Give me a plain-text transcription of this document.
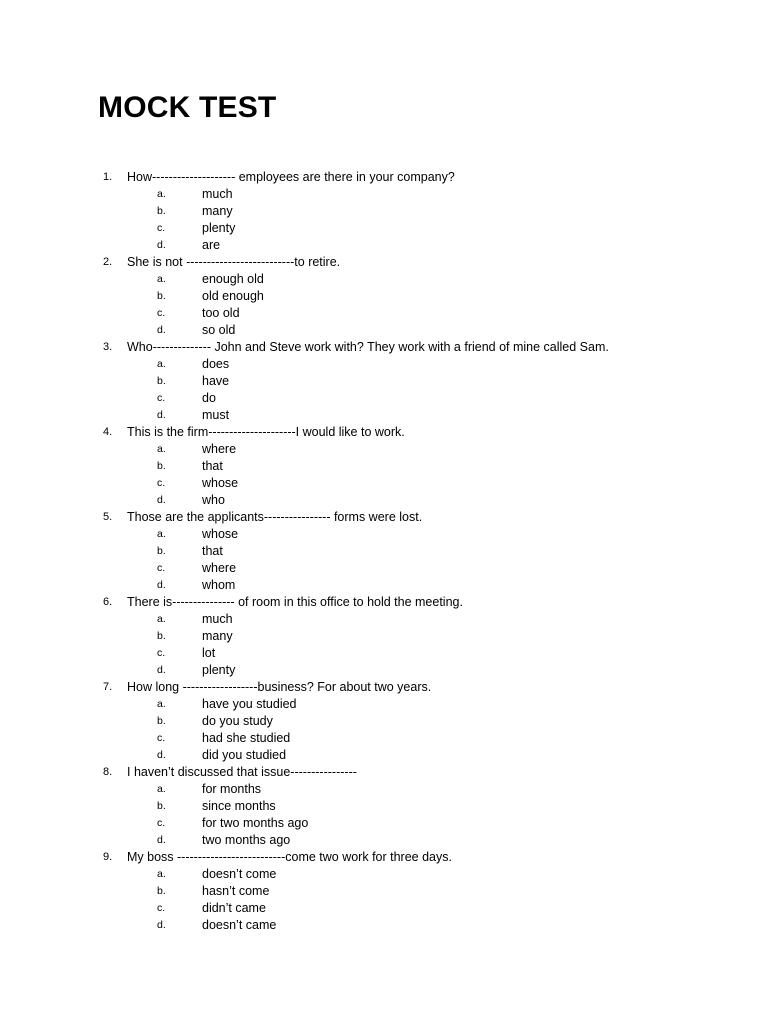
MOCK TEST
1. How-------------------- employees are there in your company?
a.	much
b.	many
c.	plenty
d.	are
2. She is not --------------------------to retire.
a.	enough old
b.	old enough
c.	too old
d.	so old
3. Who-------------- John and Steve work with? They work with a friend of mine called Sam.
a.	does
b.	have
c.	do
d.	must
4. This is the firm---------------------I would like to work.
a.	where
b.	that
c.	whose
d.	who
5. Those are the applicants---------------- forms were lost.
a.	whose
b.	that
c.	where
d.	whom
6. There is--------------- of room in this office to hold the meeting.
a.	much
b.	many
c.	lot
d.	plenty
7. How long ------------------business? For about two years.
a.	have you studied
b.	do you study
c.	had she studied
d.	did you studied
8. I haven’t discussed that issue----------------
a.	for months
b.	since months
c.	for two months ago
d.	two months ago
9. My boss --------------------------come two work for three days.
a.	doesn’t come
b.	hasn’t come
c.	didn’t came
d.	doesn’t came
